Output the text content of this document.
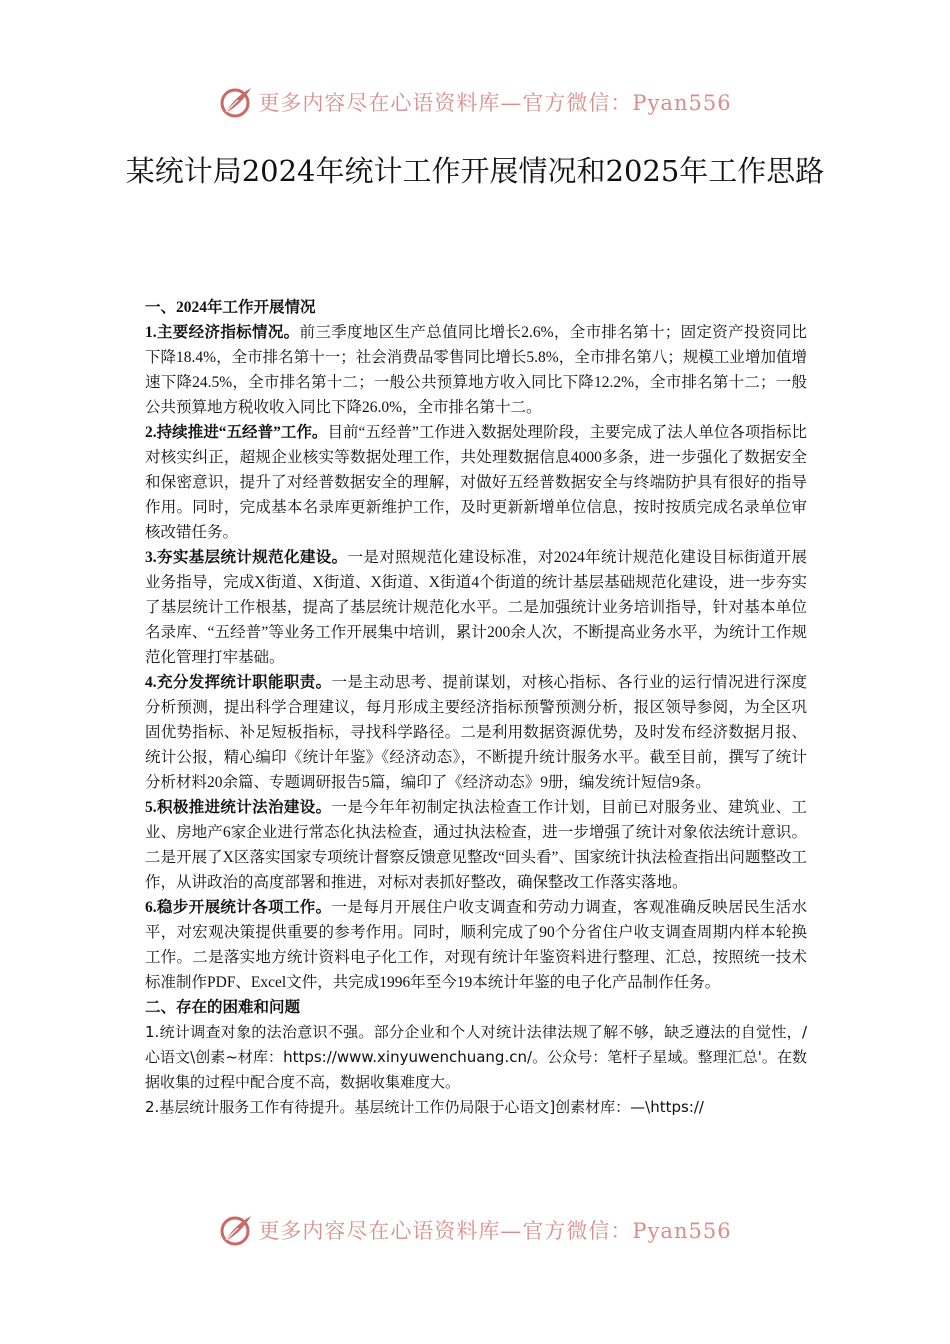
更多内容尽在心语资料库—官方微信：Pyan556
某统计局2024年统计工作开展情况和2025年工作思路

一、2024年工作开展情况

1.主要经济指标情况。前三季度地区生产总值同比增长2.6%，全市排名第十；固定资产投资同比下降18.4%，全市排名第十一；社会消费品零售同比增长5.8%，全市排名第八；规模工业增加值增速下降24.5%，全市排名第十二；一般公共预算地方收入同比下降12.2%，全市排名第十二；一般公共预算地方税收收入同比下降26.0%，全市排名第十二。

2.持续推进“五经普”工作。目前“五经普”工作进入数据处理阶段，主要完成了法人单位各项指标比对核实纠正，超规企业核实等数据处理工作，共处理数据信息4000多条，进一步强化了数据安全和保密意识，提升了对经普数据安全的理解，对做好五经普数据安全与终端防护具有很好的指导作用。同时，完成基本名录库更新维护工作，及时更新新增单位信息，按时按质完成名录单位审核改错任务。

3.夯实基层统计规范化建设。一是对照规范化建设标准，对2024年统计规范化建设目标街道开展业务指导，完成X街道、X街道、X街道、X街道4个街道的统计基层基础规范化建设，进一步夯实了基层统计工作根基，提高了基层统计规范化水平。二是加强统计业务培训指导，针对基本单位名录库、“五经普”等业务工作开展集中培训，累计200余人次，不断提高业务水平，为统计工作规范化管理打牢基础。

4.充分发挥统计职能职责。一是主动思考、提前谋划，对核心指标、各行业的运行情况进行深度分析预测，提出科学合理建议，每月形成主要经济指标预警预测分析，报区领导参阅，为全区巩固优势指标、补足短板指标，寻找科学路径。二是利用数据资源优势，及时发布经济数据月报、统计公报，精心编印《统计年鉴》《经济动态》，不断提升统计服务水平。截至目前，撰写了统计分析材料20余篇、专题调研报告5篇，编印了《经济动态》9册，编发统计短信9条。

5.积极推进统计法治建设。一是今年年初制定执法检查工作计划，目前已对服务业、建筑业、工业、房地产6家企业进行常态化执法检查，通过执法检查，进一步增强了统计对象依法统计意识。二是开展了X区落实国家专项统计督察反馈意见整改“回头看”、国家统计执法检查指出问题整改工作，从讲政治的高度部署和推进，对标对表抓好整改，确保整改工作落实落地。

6.稳步开展统计各项工作。一是每月开展住户收支调查和劳动力调查，客观准确反映居民生活水平，对宏观决策提供重要的参考作用。同时，顺利完成了90个分省住户收支调查周期内样本轮换工作。二是落实地方统计资料电子化工作，对现有统计年鉴资料进行整理、汇总，按照统一技术标准制作PDF、Excel文件，共完成1996年至今19本统计年鉴的电子化产品制作任务。

二、存在的困难和问题

1.统计调查对象的法治意识不强。部分企业和个人对统计法律法规了解不够，缺乏遵法的自觉性，/心语文\创素~材库：https://www.xinyuwenchuang.cn/。公众号：笔杆子星域。整理汇总'。在数据收集的过程中配合度不高，数据收集难度大。

2.基层统计服务工作有待提升。基层统计工作仍局限于心语文]创素材库：—\https://

更多内容尽在心语资料库—官方微信：Pyan556
